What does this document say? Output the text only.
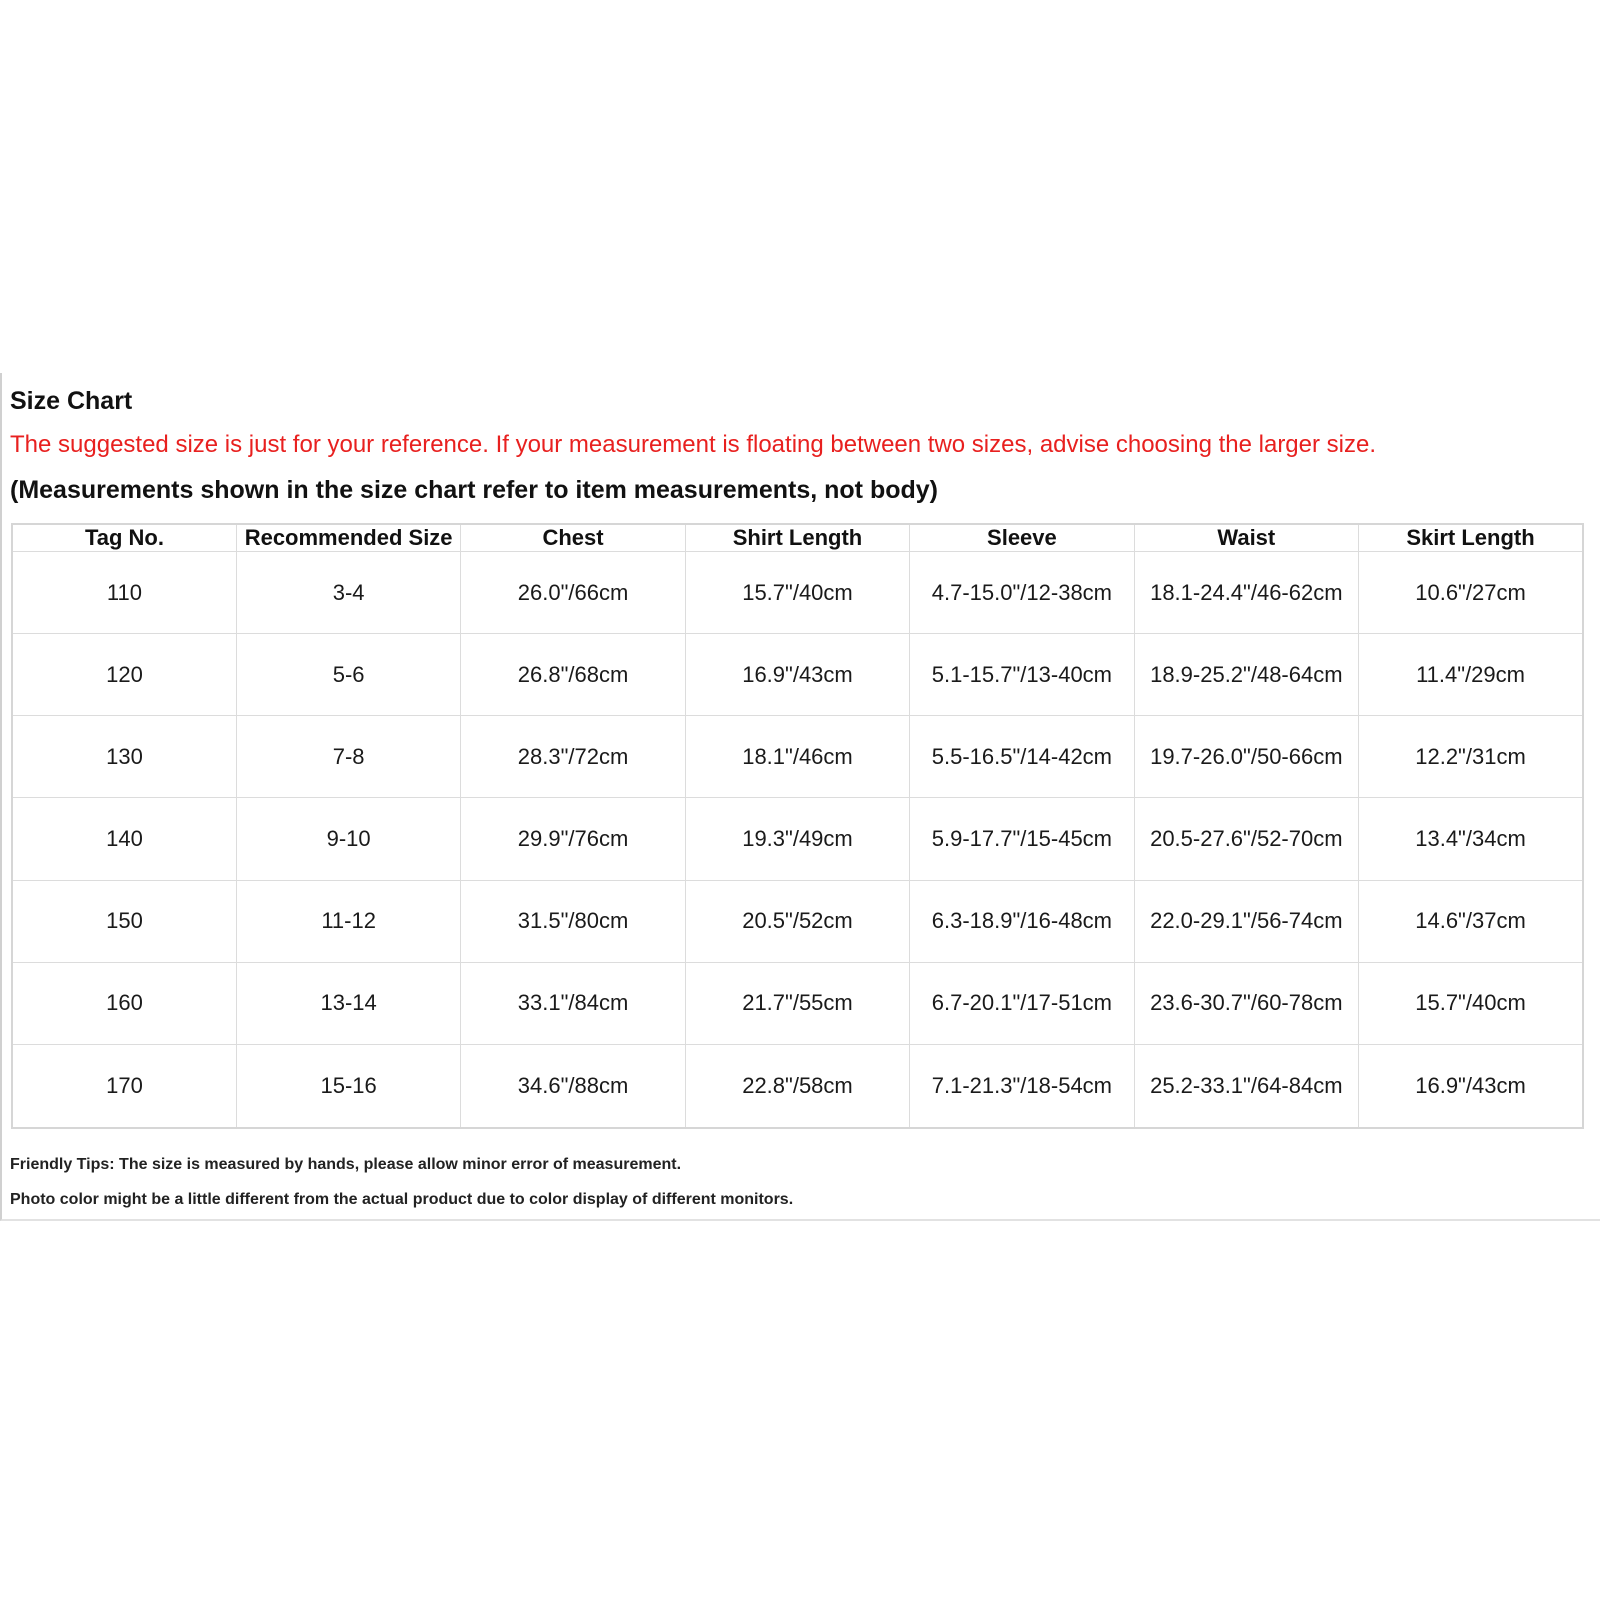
Size Chart
The suggested size is just for your reference. If your measurement is floating between two sizes, advise choosing the larger size.
(Measurements shown in the size chart refer to item measurements, not body)
Tag No.	Recommended Size	Chest	Shirt Length	Sleeve	Waist	Skirt Length
110	3-4	26.0"/66cm	15.7"/40cm	4.7-15.0"/12-38cm	18.1-24.4"/46-62cm	10.6"/27cm
120	5-6	26.8"/68cm	16.9"/43cm	5.1-15.7"/13-40cm	18.9-25.2"/48-64cm	11.4"/29cm
130	7-8	28.3"/72cm	18.1"/46cm	5.5-16.5"/14-42cm	19.7-26.0"/50-66cm	12.2"/31cm
140	9-10	29.9"/76cm	19.3"/49cm	5.9-17.7"/15-45cm	20.5-27.6"/52-70cm	13.4"/34cm
150	11-12	31.5"/80cm	20.5"/52cm	6.3-18.9"/16-48cm	22.0-29.1"/56-74cm	14.6"/37cm
160	13-14	33.1"/84cm	21.7"/55cm	6.7-20.1"/17-51cm	23.6-30.7"/60-78cm	15.7"/40cm
170	15-16	34.6"/88cm	22.8"/58cm	7.1-21.3"/18-54cm	25.2-33.1"/64-84cm	16.9"/43cm
Friendly Tips: The size is measured by hands, please allow minor error of measurement.
Photo color might be a little different from the actual product due to color display of different monitors.
